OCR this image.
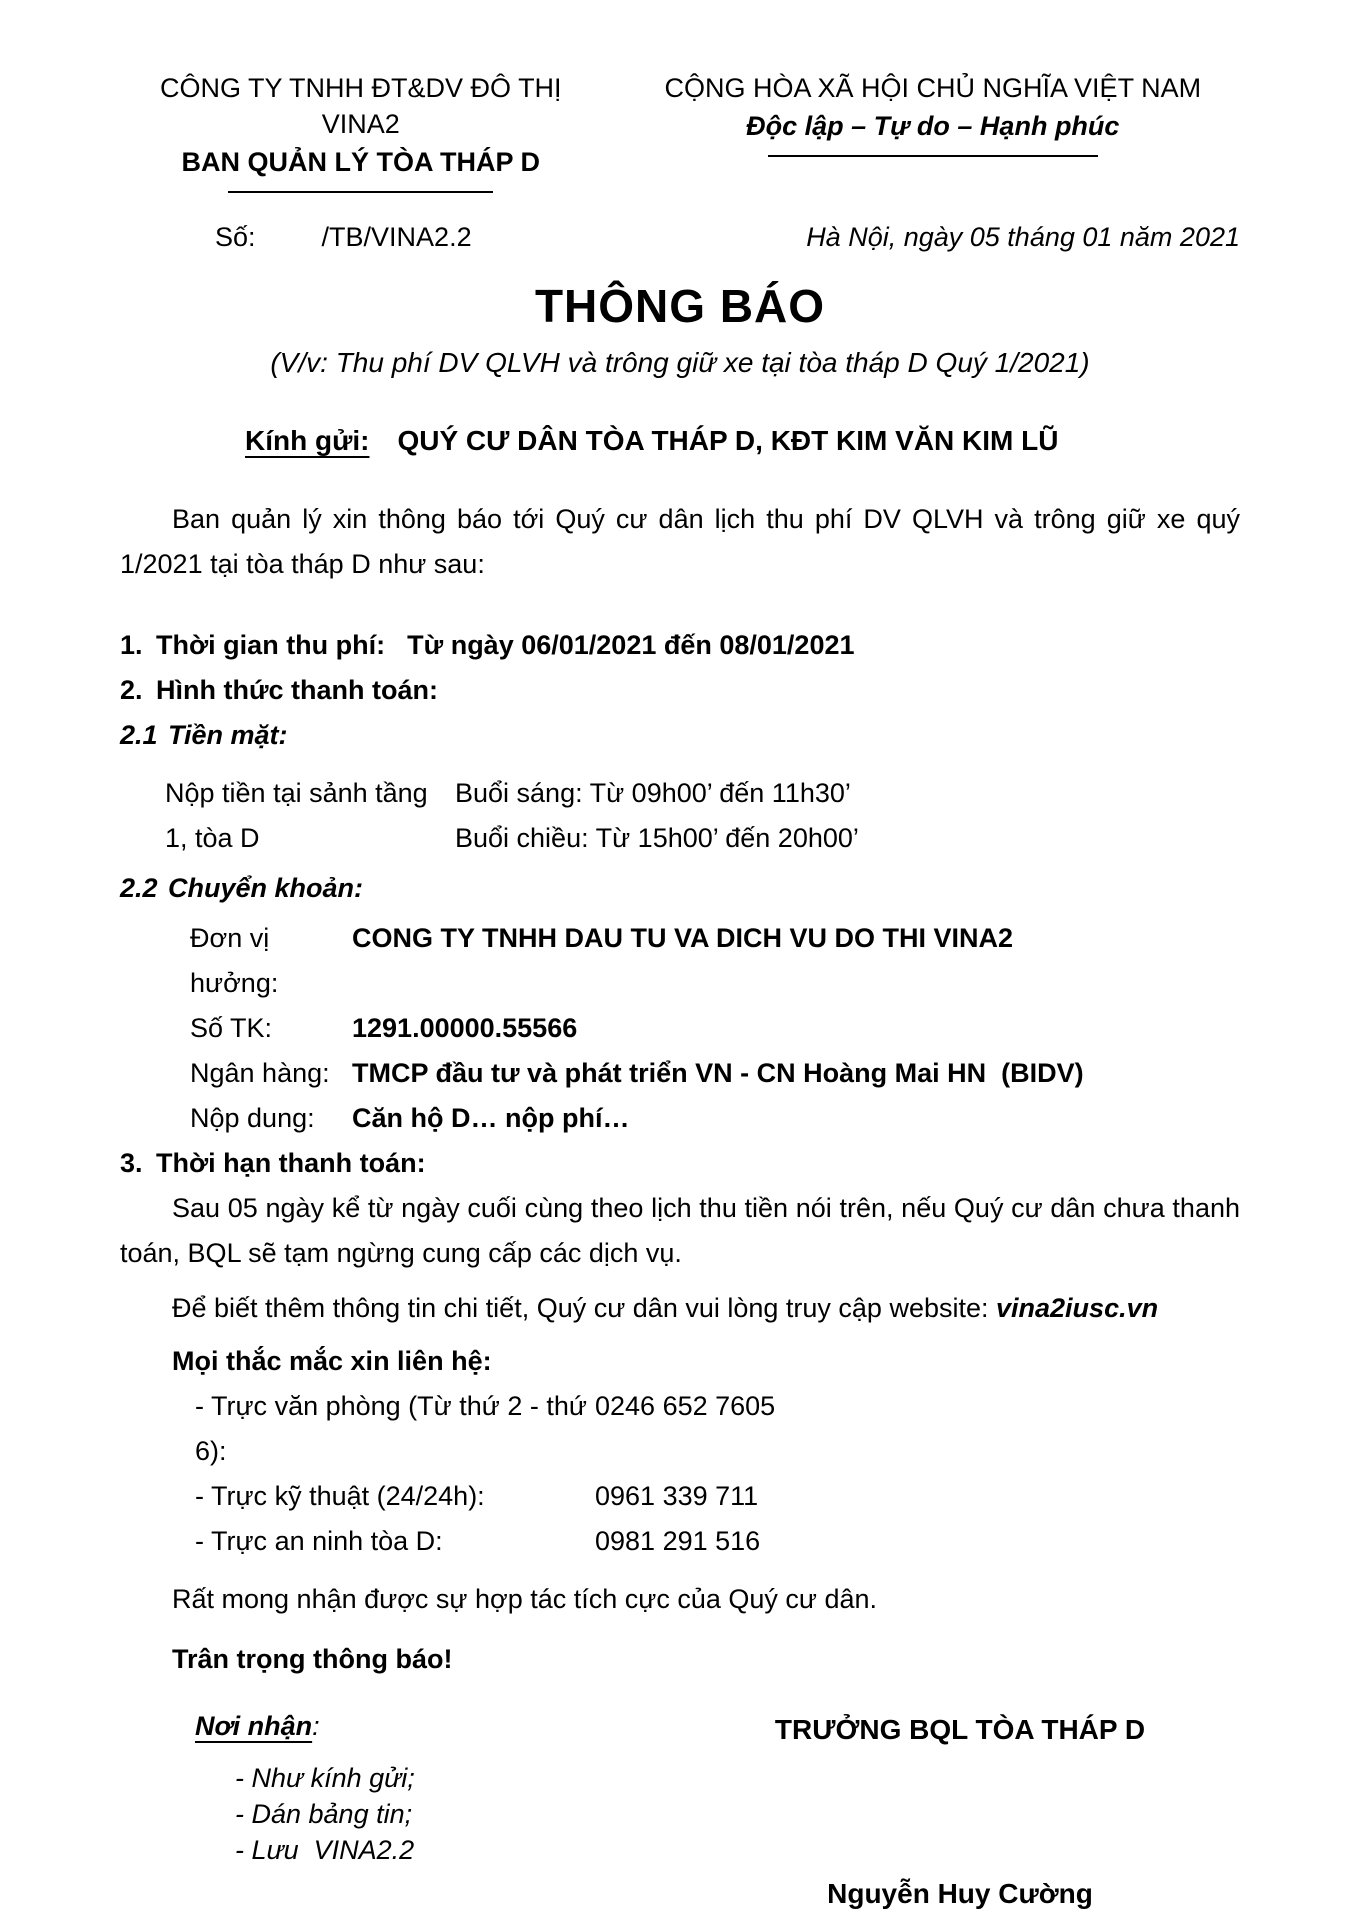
CÔNG TY TNHH ĐT&DV ĐÔ THỊ VINA2
BAN QUẢN LÝ TÒA THÁP D
CỘNG HÒA XÃ HỘI CHỦ NGHĨA VIỆT NAM
Độc lập – Tự do – Hạnh phúc
Số: /TB/VINA2.2	Hà Nội, ngày 05 tháng 01 năm 2021
THÔNG BÁO
(V/v: Thu phí DV QLVH và trông giữ xe tại tòa tháp D Quý 1/2021)
Kính gửi: QUÝ CƯ DÂN TÒA THÁP D, KĐT KIM VĂN KIM LŨ

Ban quản lý xin thông báo tới Quý cư dân lịch thu phí DV QLVH và trông giữ xe quý 1/2021 tại tòa tháp D như sau:

1. Thời gian thu phí: Từ ngày 06/01/2021 đến 08/01/2021
2. Hình thức thanh toán:
2.1 Tiền mặt:
Nộp tiền tại sảnh tầng 1, tòa D
Buổi sáng: Từ 09h00’ đến 11h30’
Buổi chiều: Từ 15h00’ đến 20h00’
2.2 Chuyển khoản:
Đơn vị hưởng:
CONG TY TNHH DAU TU VA DICH VU DO THI VINA2
Số TK:	1291.00000.55566
Ngân hàng: TMCP đầu tư và phát triển VN - CN Hoàng Mai HN  (BIDV)
Nộp dung:	Căn hộ D… nộp phí…
3. Thời hạn thanh toán:

Sau 05 ngày kể từ ngày cuối cùng theo lịch thu tiền nói trên, nếu Quý cư dân chưa thanh toán, BQL sẽ tạm ngừng cung cấp các dịch vụ.

Để biết thêm thông tin chi tiết, Quý cư dân vui lòng truy cập website: vina2iusc.vn

Mọi thắc mắc xin liên hệ:
- Trực văn phòng (Từ thứ 2 - thứ 6):
0246 652 7605
- Trực kỹ thuật (24/24h):	0961 339 711
- Trực an ninh tòa D:	0981 291 516
Rất mong nhận được sự hợp tác tích cực của Quý cư dân.
Trân trọng thông báo!
Nơi nhận:
- Như kính gửi;
- Dán bảng tin;
- Lưu  VINA2.2
TRƯỞNG BQL TÒA THÁP D
Nguyễn Huy Cường
